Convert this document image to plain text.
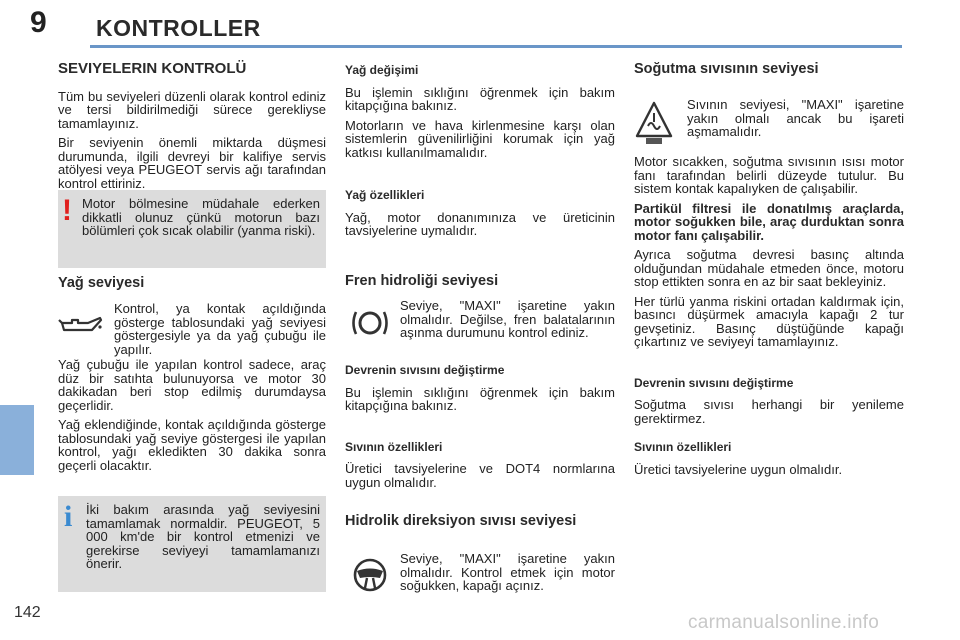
9 KONTROLLER
SEVIYELERIN KONTROLÜ

Tüm bu seviyeleri düzenli olarak kontrol ediniz ve tersi bildirilmediği sürece gerekliyse tamamlayınız.

Bir seviyenin önemli miktarda düşmesi durumunda, ilgili devreyi bir kalifiye servis atölyesi veya PEUGEOT servis ağı tarafından kontrol ettiriniz.

! Motor bölmesine müdahale ederken dikkatli olunuz çünkü motorun bazı bölümleri çok sıcak olabilir (yanma riski).
Yağ seviyesi
Kontrol, ya kontak açıldığında gösterge tablosundaki yağ seviyesi göstergesiyle ya da yağ çubuğu ile yapılır.

Yağ çubuğu ile yapılan kontrol sadece, araç düz bir satıhta bulunuyorsa ve motor 30 dakikadan beri stop edilmiş durumdaysa geçerlidir.

Yağ eklendiğinde, kontak açıldığında gösterge tablosundaki yağ seviye göstergesi ile yapılan kontrol, yağı ekledikten 30 dakika sonra geçerli olacaktır.

i İki bakım arasında yağ seviyesini tamamlamak normaldir. PEUGEOT, 5 000 km'de bir kontrol etmenizi ve gerekirse seviyeyi tamamlamanızı önerir.
Yağ değişimi

Bu işlemin sıklığını öğrenmek için bakım kitapçığına bakınız.

Motorların ve hava kirlenmesine karşı olan sistemlerin güvenilirliğini korumak için yağ katkısı kullanılmamalıdır.

Yağ özellikleri

Yağ, motor donanımınıza ve üreticinin tavsiyelerine uymalıdır.

Fren hidroliği seviyesi
Seviye, "MAXI" işaretine yakın olmalıdır. Değilse, fren balatalarının aşınma durumunu kontrol ediniz.
Devrenin sıvısını değiştirme

Bu işlemin sıklığını öğrenmek için bakım kitapçığına bakınız.

Sıvının özellikleri

Üretici tavsiyelerine ve DOT4 normlarına uygun olmalıdır.

Hidrolik direksiyon sıvısı seviyesi
Seviye, "MAXI" işaretine yakın olmalıdır. Kontrol etmek için motor soğukken, kapağı açınız.
Soğutma sıvısının seviyesi
Sıvının seviyesi, "MAXI" işaretine yakın olmalı ancak bu işareti aşmamalıdır.

Motor sıcakken, soğutma sıvısının ısısı motor fanı tarafından belirli düzeyde tutulur. Bu sistem kontak kapalıyken de çalışabilir.

Partikül filtresi ile donatılmış araçlarda, motor soğukken bile, araç durduktan sonra motor fanı çalışabilir.

Ayrıca soğutma devresi basınç altında olduğundan müdahale etmeden önce, motoru stop ettikten sonra en az bir saat bekleyiniz.

Her türlü yanma riskini ortadan kaldırmak için, basıncı düşürmek amacıyla kapağı 2 tur gevşetiniz. Basınç düştüğünde kapağı çıkartınız ve seviyeyi tamamlayınız.

Devrenin sıvısını değiştirme

Soğutma sıvısı herhangi bir yenileme gerektirmez.

Sıvının özellikleri

Üretici tavsiyelerine uygun olmalıdır.

142	carmanualsonline.info
